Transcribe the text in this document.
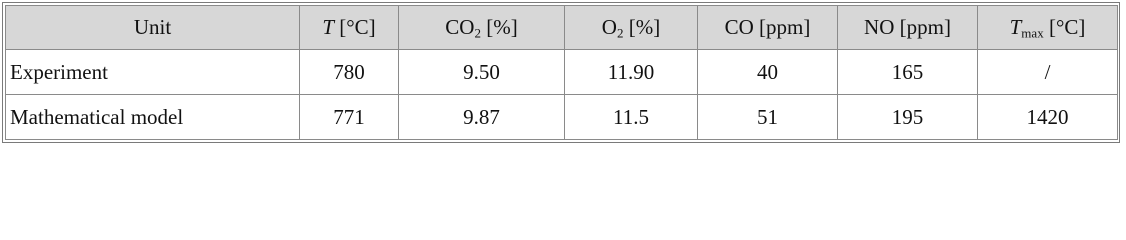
Unit	T [°C]	$CO_2$ [%]	$O_2$ [%]	CO [ppm]	NO [ppm]	$T_{max}$ [°C]
Experiment	780	9.50	11.90	40	165	/
Mathematical model	771	9.87	11.5	51	195	1420
